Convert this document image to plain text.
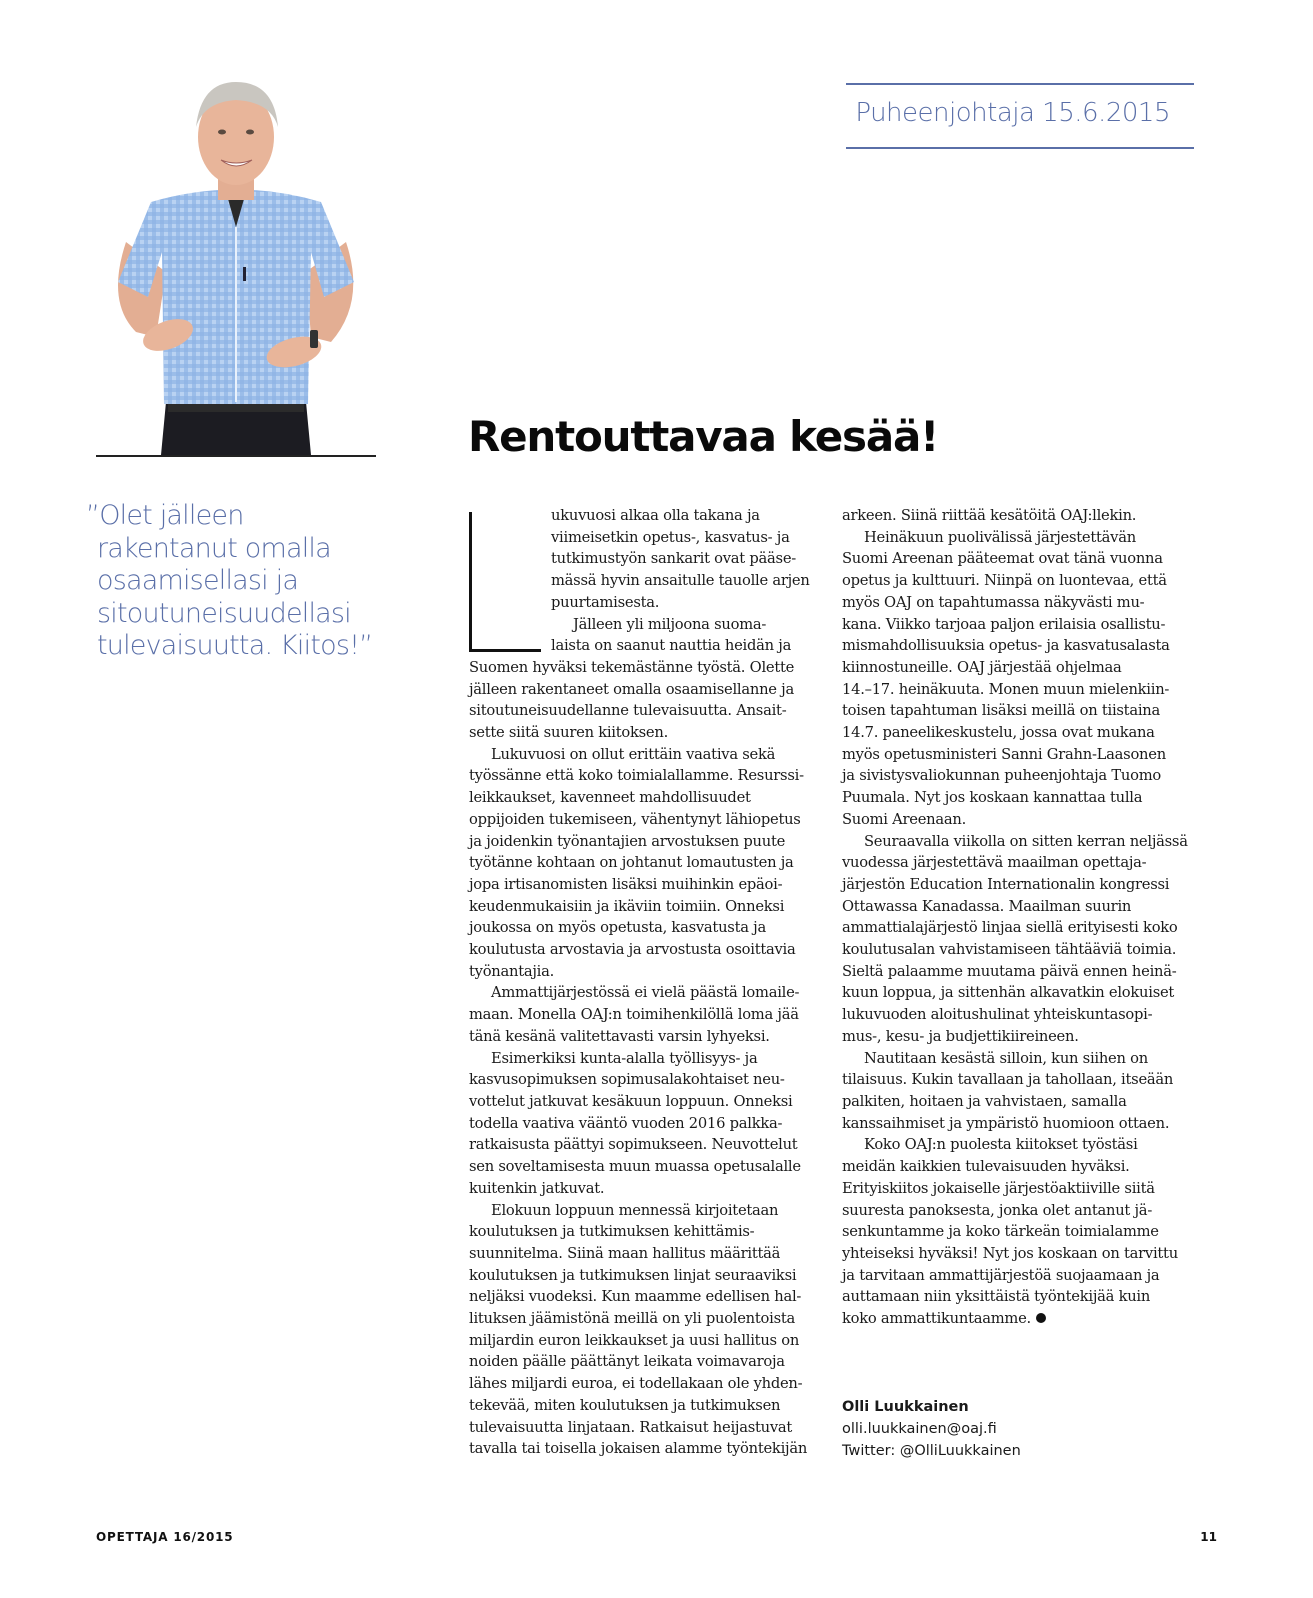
Puheenjohtaja 15.6.2015
Rentouttavaa kesää!
”Olet jälleen
rakentanut omalla
osaamisellasi ja
sitoutuneisuudellasi
tulevaisuutta. Kiitos!”
ukuvuosi alkaa olla takana ja
viimeisetkin opetus-, kasvatus- ja
tutkimustyön sankarit ovat pääse-
mässä hyvin ansaitulle tauolle arjen
puurtamisesta.
Jälleen yli miljoona suoma-
laista on saanut nauttia heidän ja
Suomen hyväksi tekemästänne työstä. Olette
jälleen rakentaneet omalla osaamisellanne ja
sitoutuneisuudellanne tulevaisuutta. Ansait-
sette siitä suuren kiitoksen.
Lukuvuosi on ollut erittäin vaativa sekä
työssänne että koko toimialallamme. Resurssi-
leikkaukset, kavenneet mahdollisuudet
oppijoiden tukemiseen, vähentynyt lähiopetus
ja joidenkin työnantajien arvostuksen puute
työtänne kohtaan on johtanut lomautusten ja
jopa irtisanomisten lisäksi muihinkin epäoi-
keudenmukaisiin ja ikäviin toimiin. Onneksi
joukossa on myös opetusta, kasvatusta ja
koulutusta arvostavia ja arvostusta osoittavia
työnantajia.
Ammattijärjestössä ei vielä päästä lomaile-
maan. Monella OAJ:n toimihenkilöllä loma jää
tänä kesänä valitettavasti varsin lyhyeksi.
Esimerkiksi kunta-alalla työllisyys- ja
kasvusopimuksen sopimusalakohtaiset neu-
vottelut jatkuvat kesäkuun loppuun. Onneksi
todella vaativa vääntö vuoden 2016 palkka-
ratkaisusta päättyi sopimukseen. Neuvottelut
sen soveltamisesta muun muassa opetusalalle
kuitenkin jatkuvat.
Elokuun loppuun mennessä kirjoitetaan
koulutuksen ja tutkimuksen kehittämis-
suunnitelma. Siinä maan hallitus määrittää
koulutuksen ja tutkimuksen linjat seuraaviksi
neljäksi vuodeksi. Kun maamme edellisen hal-
lituksen jäämistönä meillä on yli puolentoista
miljardin euron leikkaukset ja uusi hallitus on
noiden päälle päättänyt leikata voimavaroja
lähes miljardi euroa, ei todellakaan ole yhden-
tekevää, miten koulutuksen ja tutkimuksen
tulevaisuutta linjataan. Ratkaisut heijastuvat
tavalla tai toisella jokaisen alamme työntekijän
arkeen. Siinä riittää kesätöitä OAJ:llekin.
Heinäkuun puolivälissä järjestettävän
Suomi Areenan pääteemat ovat tänä vuonna
opetus ja kulttuuri. Niinpä on luontevaa, että
myös OAJ on tapahtumassa näkyvästi mu-
kana. Viikko tarjoaa paljon erilaisia osallistu-
mismahdollisuuksia opetus- ja kasvatusalasta
kiinnostuneille. OAJ järjestää ohjelmaa
14.–17. heinäkuuta. Monen muun mielenkiin-
toisen tapahtuman lisäksi meillä on tiistaina
14.7. paneelikeskustelu, jossa ovat mukana
myös opetusministeri Sanni Grahn-Laasonen
ja sivistysvaliokunnan puheenjohtaja Tuomo
Puumala. Nyt jos koskaan kannattaa tulla
Suomi Areenaan.
Seuraavalla viikolla on sitten kerran neljässä
vuodessa järjestettävä maailman opettaja-
järjestön Education Internationalin kongressi
Ottawassa Kanadassa. Maailman suurin
ammattialajärjestö linjaa siellä erityisesti koko
koulutusalan vahvistamiseen tähtääviä toimia.
Sieltä palaamme muutama päivä ennen heinä-
kuun loppua, ja sittenhän alkavatkin elokuiset
lukuvuoden aloitushulinat yhteiskuntasopi-
mus-, kesu- ja budjettikiireineen.
Nautitaan kesästä silloin, kun siihen on
tilaisuus. Kukin tavallaan ja tahollaan, itseään
palkiten, hoitaen ja vahvistaen, samalla
kanssaihmiset ja ympäristö huomioon ottaen.
Koko OAJ:n puolesta kiitokset työstäsi
meidän kaikkien tulevaisuuden hyväksi.
Erityiskiitos jokaiselle järjestöaktiiville siitä
suuresta panoksesta, jonka olet antanut jä-
senkuntamme ja koko tärkeän toimialamme
yhteiseksi hyväksi! Nyt jos koskaan on tarvittu
ja tarvitaan ammattijärjestöä suojaamaan ja
auttamaan niin yksittäistä työntekijää kuin
koko ammattikuntaamme.
Olli Luukkainen
olli.luukkainen@oaj.fi
Twitter: @OlliLuukkainen
OPETTAJA 16/2015	11
